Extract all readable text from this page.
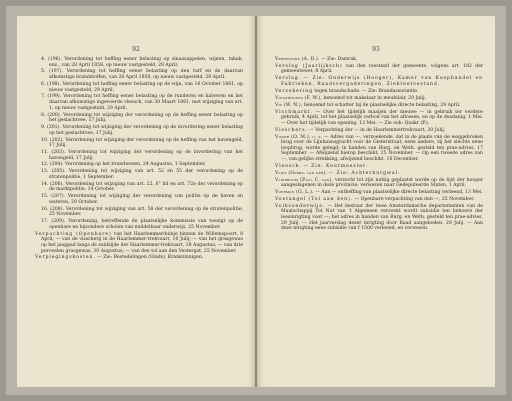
92

4. (196). Verordening tot heffing eener belasting op sinaasappelen, wijnen, tabak, enz., van 28 April 1858, op nieuw vastgesteld, 29 April.

5. (197). Verordening tot heffing eener belasting op den turf en de daarvan afkomstige brandstoffen, van 28 April 1858, op nieuw vastgesteld, 29 April.

6. (198). Verordening tot heffing eener belasting op de wijn, van 16 October 1861, op nieuw vastgesteld, 29 April.

7. (199). Verordening tot heffing eener belasting op de runderen en kalveren en het daarvan afkomstige ingevoerde vleesch, van 30 Maart 1861, met wijziging van art. 1, op nieuw vastgesteld, 29 April.

8. (200). Verordening tot wijziging der verordening op de heffing eener belasting op het geslachtvee, 17 Julij.

9. (201). Verordening tot wijziging der verordening op de invordering eener belasting op het geslachtvee, 17 Julij.

10. (202). Verordening tot wijziging der verordening op de heffing van het havengeld, 17 Julij.

11. (203). Verordening tot wijziging der verordening op de invordering van het havengeld, 17 Julij.

12. (204). Verordening op het brandwezen, 24 Augustus, 1 September.

13. (205). Verordening tot wijziging van art. 52 en 55 der verordening op de stratenpolitie, 1 September.

14. (206). Verordening tot wijziging van art. 22, 6° lid en art. 72e der verordening op de marktpolitie, 14 October.

15. (207). Verordening tot wijziging der verordening van politie op de haven en wateren, 29 October.

16. (208). Verordening tot wijziging van art. 58 der verordening op de stratenpolitie, 25 November.

17. (209). Verordening, betreffende de plaatselijke kommissie van toezigt op de openbare en bijzondere scholen van middelbaar onderwijs, 25 November.

Verpachting (Openbare) van het Haarlemmerduinje binnen de Willemspoort, 8 April; — van de visscherij in de Haarlemmer-trekvaart, 10 Julij; — van het grasgewas op het jaagpad langs de zuidzijde der Haarlemmer-trekvaart, 18 Augustus; — van drie perceelen grasgewas, 30 Augustus; — van den tol aan den Vestergat, 25 November.

Verplegingskosten. — Zie: Bestedelingen (Stads), Krankzinnigen.

93

Vereenigde (A. D.). — Zie: Damrak.

Verslag (Jaarlijksch) van den toestand der gemeente, volgens art. 182 der gemeentewet, 8 April.

Verslag. — Zie: Onderwijs (Hooger), Kamer van Koophandel en Fabrieken, Raadsvergaderingen, Ziekteetoestand.

Verzekering tegen brandschade. — Zie: Brandassurantie.

Vingerhoeds (F. W.), benoemd tot makelaar in meubilair, 29 Julij.

Vis (W. N.), benoemd tot schatter bij de plaatselijke directe belasting, 29 April.

Vischmarkt. — Over het tijdelijk maaijen der nieuwe — in gebruik ter verdere gebruik, 4 April, tot het plaatselijk verbod van het aflossen, en op de dusdanig, 1 Mei. — Over het tijdelijk van opening, 13 Mei. — Zie ook: Quakr (P.).

Visschers. — Verpachting der — in de Haarlemmertrekvaart, 20 Julij.

Visser (O. M.), c. s. — Adres van —, verzoekende, dat in de plaats van de weggebroken brug over de Lijnbaansgracht voor de Gieterstraat, eene andere, zij het slechts eene loopbrug, worde gelegd; in handen van Burg. en Weth. gesteld ten prae-advies, 17 September. — Afwijzend hierop beschikt, 25 November. — Op een tweede adres van —, van gelijke strekking, afwijzend beschikt, 16 December.

Vleesch. — Zie: Keurmeester.

Vliet (Gebrs. van der). — Zie: Achterburgwal.

Vlierboom (Paul C. van), verzocht tot zijn nuttig geplaatst worde op de lijst der hooger aangeslagenen in deze provincie; verwezen naar Gedeputeerde Staten, 1 April.

Voerman (G. L.). — Aan — ontheffing van plaatselijke directe belasting verleend, 13 Mei.

Voetangel (Tol aan den). — Openbare verpachting van den —, 25 November.

Volksonderwijs. — Het bestuur der twee Amsterdamsche departementen van de Maatschappij Tot Nut van 't Algemeen verzoekt wordt subsidie ten behoeve der leesinrigting voor —; het adres in handen van Burg. en Weth. gesteld ten prae-advies, 29 Julij. — Het jaarverslag dezer inrigting door Raad aangeboden, 29 Julij. — Aan deze inrigting eene subsidie van f 1500 verleend, en verwezen.
